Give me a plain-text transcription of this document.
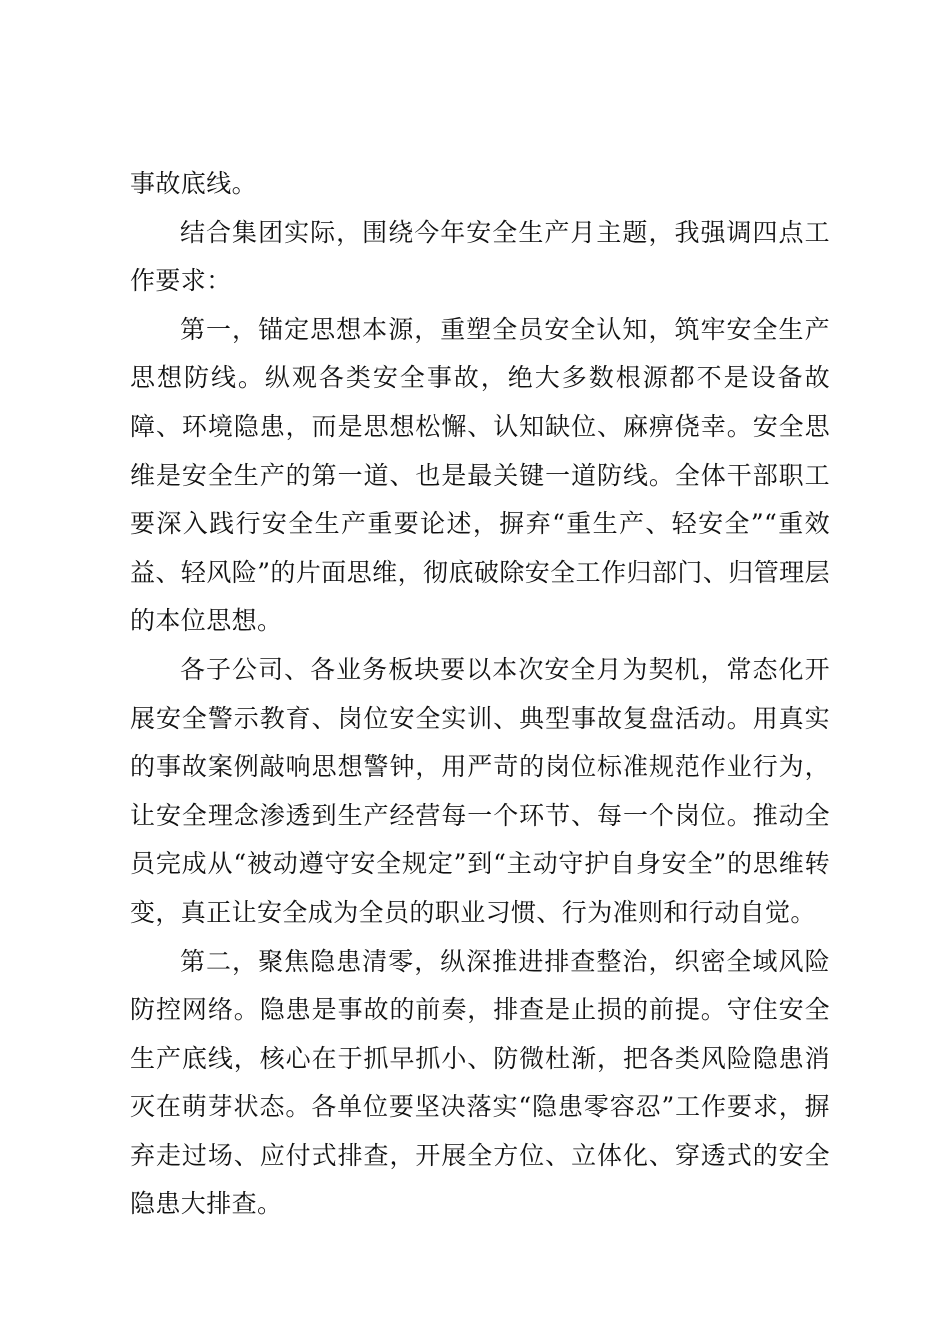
事故底线。

结合集团实际，围绕今年安全生产月主题，我强调四点工作要求：

第一，锚定思想本源，重塑全员安全认知，筑牢安全生产思想防线。纵观各类安全事故，绝大多数根源都不是设备故障、环境隐患，而是思想松懈、认知缺位、麻痹侥幸。安全思维是安全生产的第一道、也是最关键一道防线。全体干部职工要深入践行安全生产重要论述，摒弃“重生产、轻安全”“重效益、轻风险”的片面思维，彻底破除安全工作归部门、归管理层的本位思想。

各子公司、各业务板块要以本次安全月为契机，常态化开展安全警示教育、岗位安全实训、典型事故复盘活动。用真实的事故案例敲响思想警钟，用严苛的岗位标准规范作业行为，让安全理念渗透到生产经营每一个环节、每一个岗位。推动全员完成从“被动遵守安全规定”到“主动守护自身安全”的思维转变，真正让安全成为全员的职业习惯、行为准则和行动自觉。

第二，聚焦隐患清零，纵深推进排查整治，织密全域风险防控网络。隐患是事故的前奏，排查是止损的前提。守住安全生产底线，核心在于抓早抓小、防微杜渐，把各类风险隐患消灭在萌芽状态。各单位要坚决落实“隐患零容忍”工作要求，摒弃走过场、应付式排查，开展全方位、立体化、穿透式的安全隐患大排查。
